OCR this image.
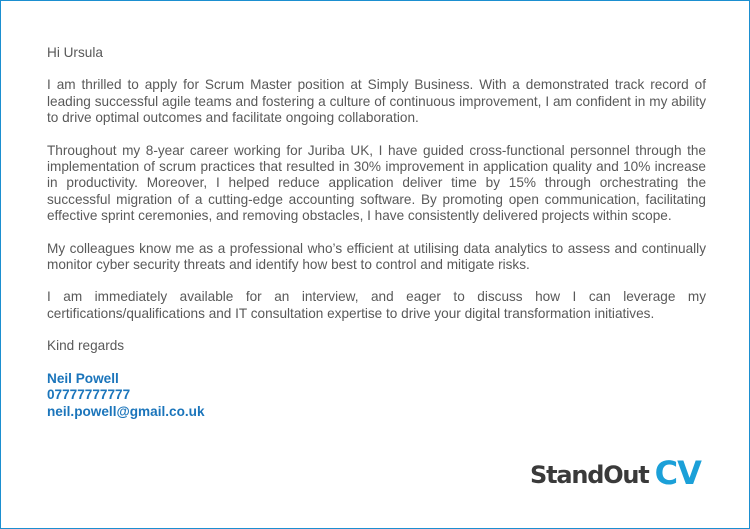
Hi Ursula

I am thrilled to apply for Scrum Master position at Simply Business. With a demonstrated track record of leading successful agile teams and fostering a culture of continuous improvement, I am confident in my ability to drive optimal outcomes and facilitate ongoing collaboration.

Throughout my 8-year career working for Juriba UK, I have guided cross-functional personnel through the implementation of scrum practices that resulted in 30% improvement in application quality and 10% increase in productivity. Moreover, I helped reduce application deliver time by 15% through orchestrating the successful migration of a cutting-edge accounting software. By promoting open communication, facilitating effective sprint ceremonies, and removing obstacles, I have consistently delivered projects within scope.

My colleagues know me as a professional who’s efficient at utilising data analytics to assess and continually monitor cyber security threats and identify how best to control and mitigate risks.

I am immediately available for an interview, and eager to discuss how I can leverage my certifications/qualifications and IT consultation expertise to drive your digital transformation initiatives.

Kind regards

Neil Powell
07777777777
neil.powell@gmail.co.uk
StandOut CV
